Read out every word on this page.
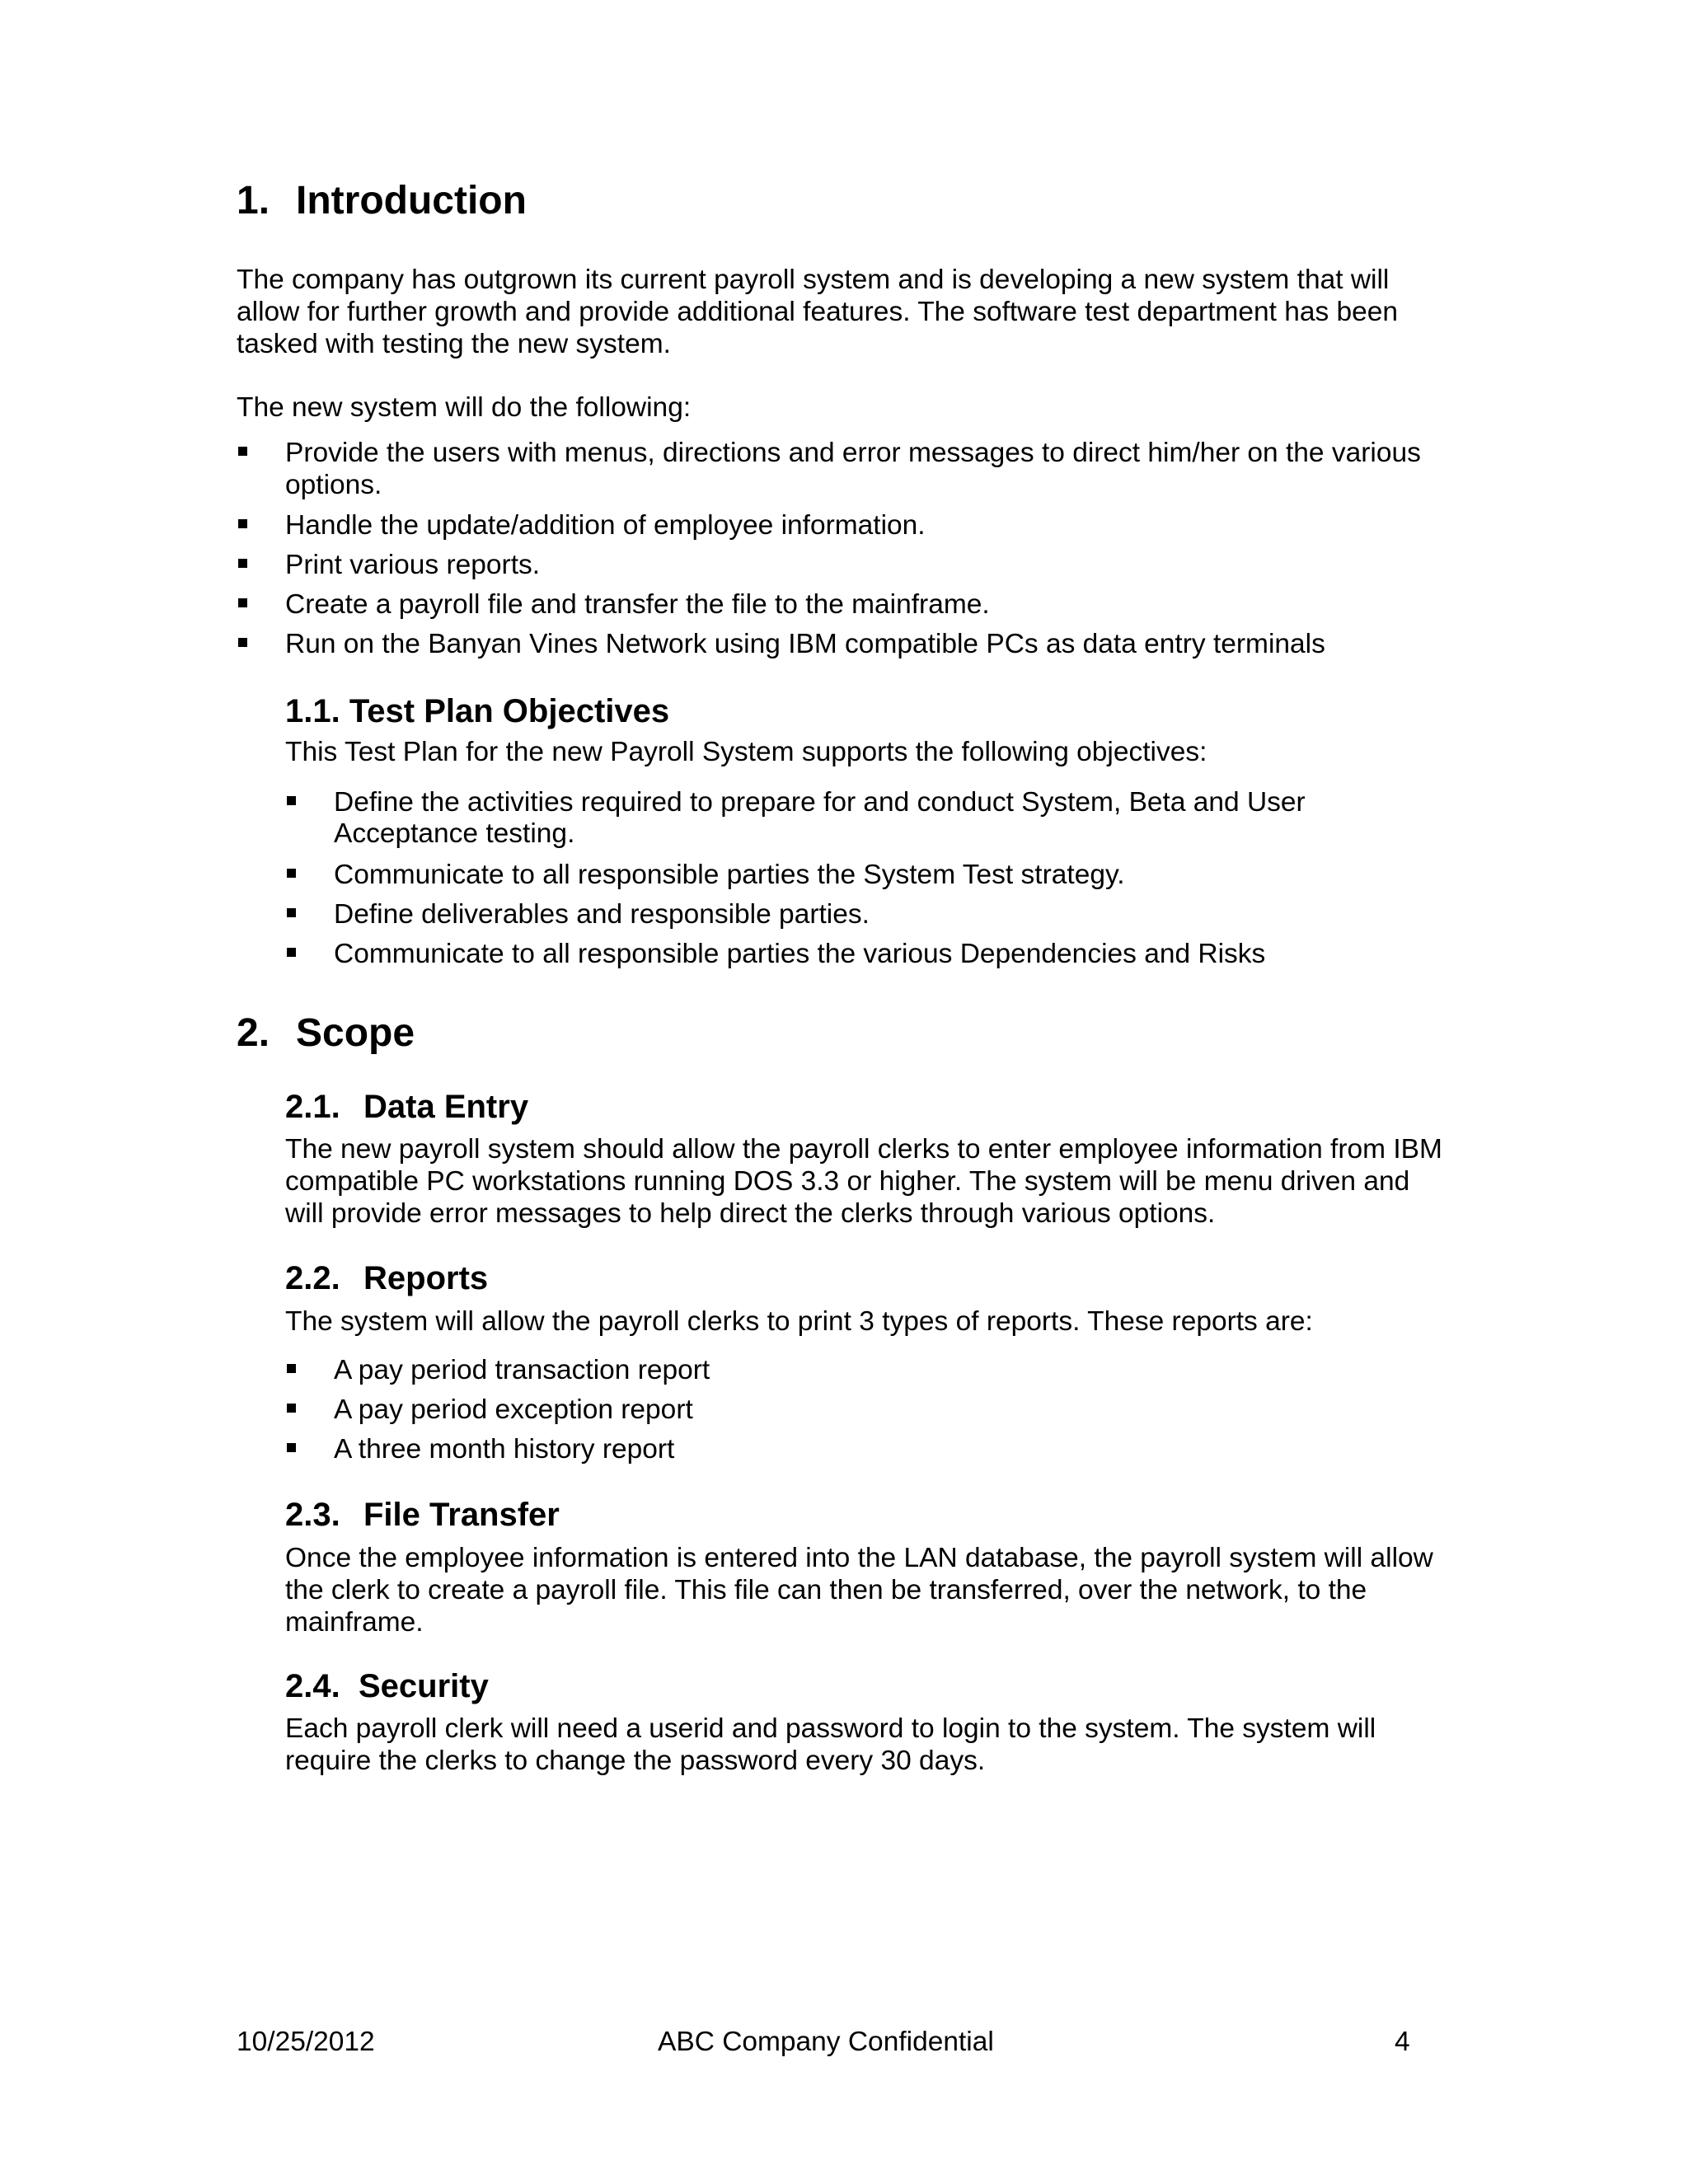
1. Introduction

The company has outgrown its current payroll system and is developing a new system that will

allow for further growth and provide additional features. The software test department has been

tasked with testing the new system.

The new system will do the following:

Provide the users with menus, directions and error messages to direct him/her on the various

options.

Handle the update/addition of employee information.

Print various reports.

Create a payroll file and transfer the file to the mainframe.

Run on the Banyan Vines Network using IBM compatible PCs as data entry terminals

1.1. Test Plan Objectives

This Test Plan for the new Payroll System supports the following objectives:

Define the activities required to prepare for and conduct System, Beta and User

Acceptance testing.

Communicate to all responsible parties the System Test strategy.

Define deliverables and responsible parties.

Communicate to all responsible parties the various Dependencies and Risks

2. Scope
2.1. Data Entry

The new payroll system should allow the payroll clerks to enter employee information from IBM

compatible PC workstations running DOS 3.3 or higher. The system will be menu driven and

will provide error messages to help direct the clerks through various options.

2.2. Reports

The system will allow the payroll clerks to print 3 types of reports. These reports are:

A pay period transaction report

A pay period exception report

A three month history report

2.3. File Transfer

Once the employee information is entered into the LAN database, the payroll system will allow

the clerk to create a payroll file. This file can then be transferred, over the network, to the

mainframe.

2.4. Security

Each payroll clerk will need a userid and password to login to the system. The system will

require the clerks to change the password every 30 days.

10/25/2012	ABC Company Confidential	4
